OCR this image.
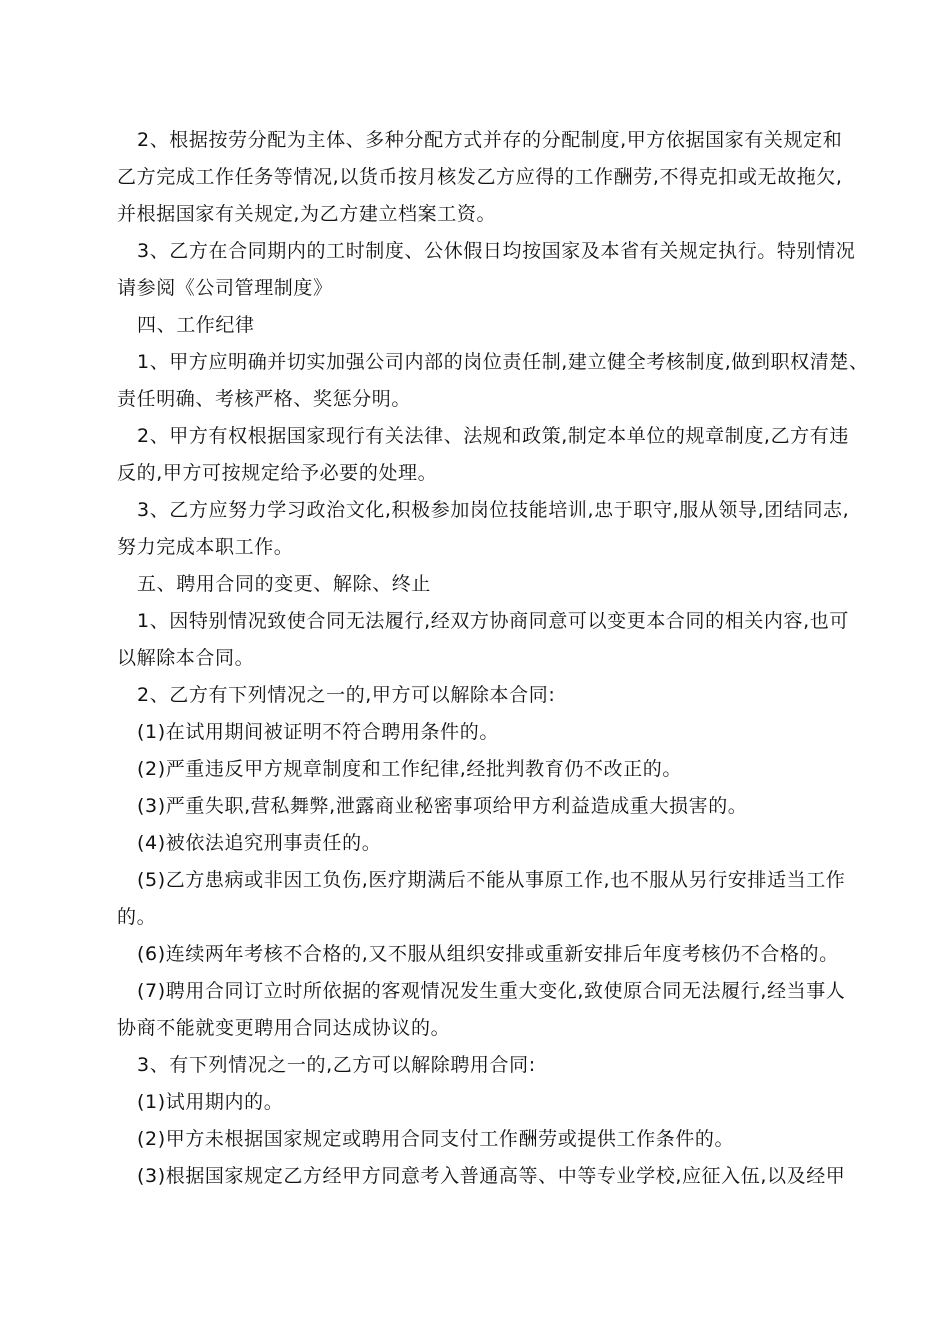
2、根据按劳分配为主体、多种分配方式并存的分配制度,甲方依据国家有关规定和
乙方完成工作任务等情况,以货币按月核发乙方应得的工作酬劳,不得克扣或无故拖欠,
并根据国家有关规定,为乙方建立档案工资。
3、乙方在合同期内的工时制度、公休假日均按国家及本省有关规定执行。特别情况
请参阅《公司管理制度》
四、工作纪律
1、甲方应明确并切实加强公司内部的岗位责任制,建立健全考核制度,做到职权清楚、
责任明确、考核严格、奖惩分明。
2、甲方有权根据国家现行有关法律、法规和政策,制定本单位的规章制度,乙方有违
反的,甲方可按规定给予必要的处理。
3、乙方应努力学习政治文化,积极参加岗位技能培训,忠于职守,服从领导,团结同志,
努力完成本职工作。
五、聘用合同的变更、解除、终止
1、因特别情况致使合同无法履行,经双方协商同意可以变更本合同的相关内容,也可
以解除本合同。
2、乙方有下列情况之一的,甲方可以解除本合同:
(1)在试用期间被证明不符合聘用条件的。
(2)严重违反甲方规章制度和工作纪律,经批判教育仍不改正的。
(3)严重失职,营私舞弊,泄露商业秘密事项给甲方利益造成重大损害的。
(4)被依法追究刑事责任的。
(5)乙方患病或非因工负伤,医疗期满后不能从事原工作,也不服从另行安排适当工作
的。
(6)连续两年考核不合格的,又不服从组织安排或重新安排后年度考核仍不合格的。
(7)聘用合同订立时所依据的客观情况发生重大变化,致使原合同无法履行,经当事人
协商不能就变更聘用合同达成协议的。
3、有下列情况之一的,乙方可以解除聘用合同:
(1)试用期内的。
(2)甲方未根据国家规定或聘用合同支付工作酬劳或提供工作条件的。
(3)根据国家规定乙方经甲方同意考入普通高等、中等专业学校,应征入伍,以及经甲
